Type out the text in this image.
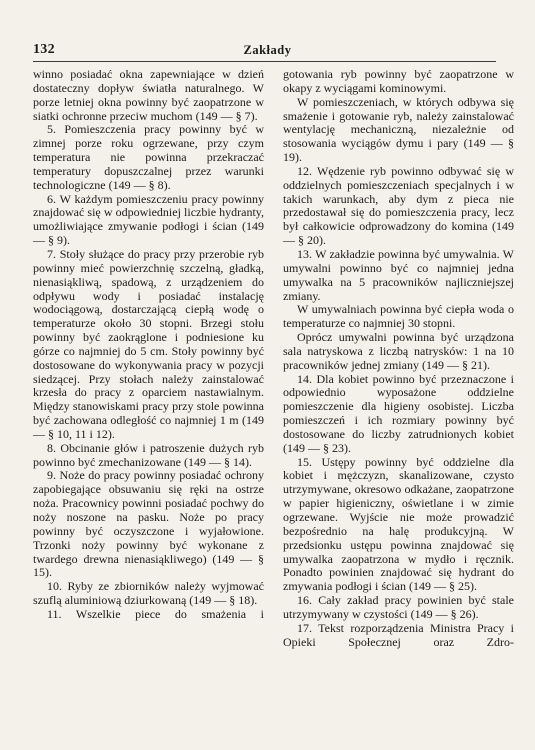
132	Zakłady

winno posiadać okna zapewniające w dzień dostateczny dopływ światła naturalnego. W porze letniej okna powinny być zaopatrzone w siatki ochronne przeciw muchom (149 — § 7).

5. Pomieszczenia pracy powinny być w zimnej porze roku ogrzewane, przy czym temperatura nie powinna przekraczać temperatury dopuszczalnej przez warunki technologiczne (149 — § 8).

6. W każdym pomieszczeniu pracy powinny znajdować się w odpowiedniej liczbie hydranty, umożliwiające zmywanie podłogi i ścian (149 — § 9).

7. Stoły służące do pracy przy przerobie ryb powinny mieć powierzchnię szczelną, gładką, nienasiąkliwą, spadową, z urządzeniem do odpływu wody i posiadać instalację wodociągową, dostarczającą ciepłą wodę o temperaturze około 30 stopni. Brzegi stołu powinny być zaokrąglone i podniesione ku górze co najmniej do 5 cm. Stoły powinny być dostosowane do wykonywania pracy w pozycji siedzącej. Przy stołach należy zainstalować krzesła do pracy z oparciem nastawialnym. Między stanowiskami pracy przy stole powinna być zachowana odległość co najmniej 1 m (149 — § 10, 11 i 12).

8. Obcinanie głów i patroszenie dużych ryb powinno być zmechanizowane (149 — § 14).

9. Noże do pracy powinny posiadać ochrony zapobiegające obsuwaniu się ręki na ostrze noża. Pracownicy powinni posiadać pochwy do noży noszone na pasku. Noże po pracy powinny być oczyszczone i wyjałowione. Trzonki noży powinny być wykonane z twardego drewna nienasiąkliwego) (149 — § 15).

10. Ryby ze zbiorników należy wyjmować szuflą aluminiową dziurkowaną (149 — § 18).

11. Wszelkie piece do smażenia i

gotowania ryb powinny być zaopatrzone w okapy z wyciągami kominowymi.

W pomieszczeniach, w których odbywa się smażenie i gotowanie ryb, należy zainstalować wentylację mechaniczną, niezależnie od stosowania wyciągów dymu i pary (149 — § 19).

12. Wędzenie ryb powinno odbywać się w oddzielnych pomieszczeniach specjalnych i w takich warunkach, aby dym z pieca nie przedostawał się do pomieszczenia pracy, lecz był całkowicie odprowadzony do komina (149 — § 20).

13. W zakładzie powinna być umywalnia. W umywalni powinno być co najmniej jedna umywalka na 5 pracowników najliczniejszej zmiany.

W umywalniach powinna być ciepła woda o temperaturze co najmniej 30 stopni.

Oprócz umywalni powinna być urządzona sala natryskowa z liczbą natrysków: 1 na 10 pracowników jednej zmiany (149 — § 21).

14. Dla kobiet powinno być przeznaczone i odpowiednio wyposażone oddzielne pomieszczenie dla higieny osobistej. Liczba pomieszczeń i ich rozmiary powinny być dostosowane do liczby zatrudnionych kobiet (149 — § 23).

15. Ustępy powinny być oddzielne dla kobiet i mężczyzn, skanalizowane, czysto utrzymywane, okresowo odkażane, zaopatrzone w papier higieniczny, oświetlane i w zimie ogrzewane. Wyjście nie może prowadzić bezpośrednio na halę produkcyjną. W przedsionku ustępu powinna znajdować się umywalka zaopatrzona w mydło i ręcznik. Ponadto powinien znajdować się hydrant do zmywania podłogi i ścian (149 — § 25).

16. Cały zakład pracy powinien być stale utrzymywany w czystości (149 — § 26).

17. Tekst rozporządzenia Ministra Pracy i Opieki Społecznej oraz Zdro-
